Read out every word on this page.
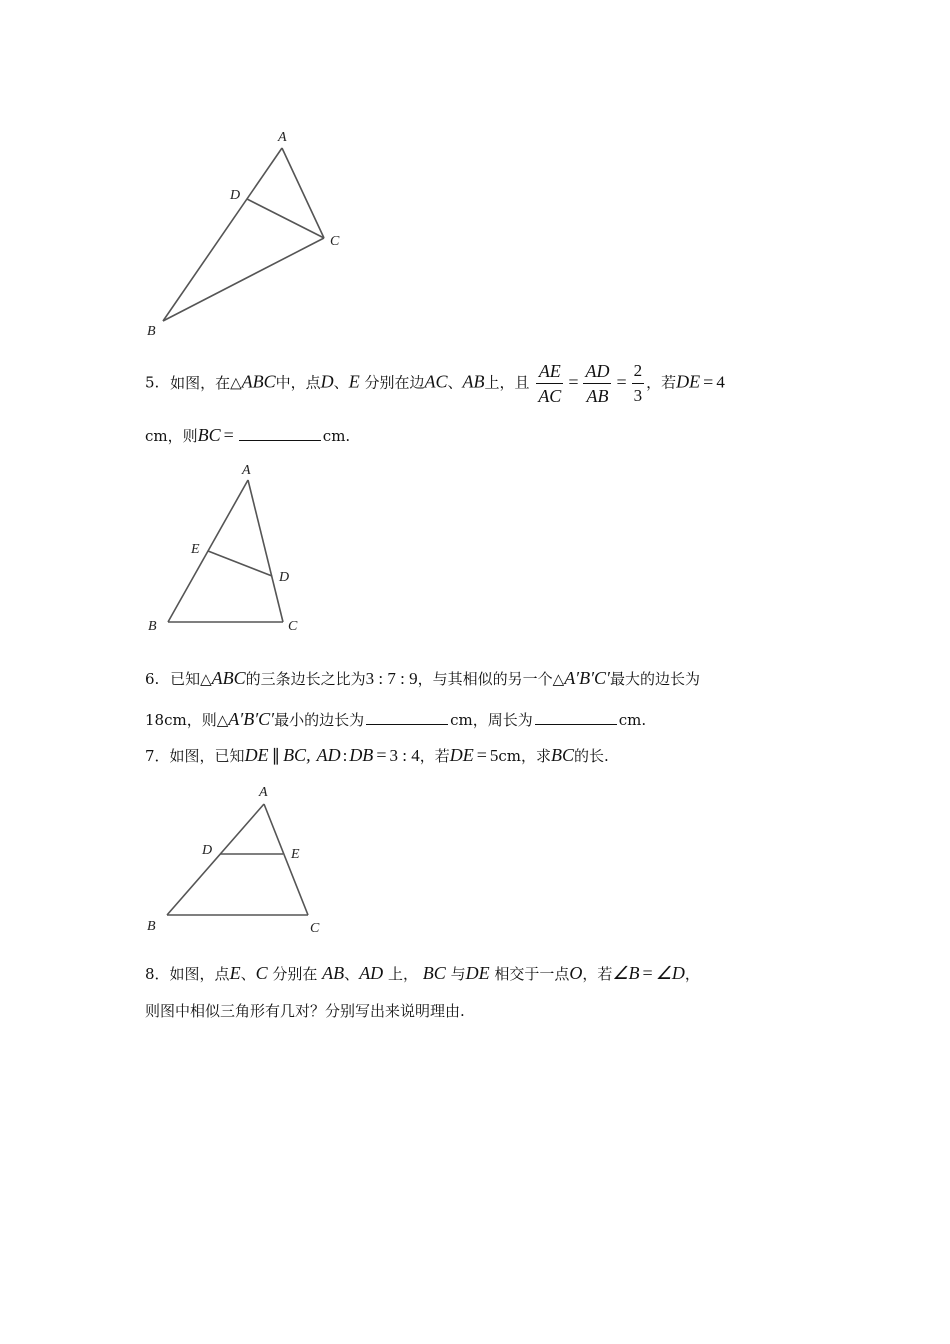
A
D
C
B
5. 如图，在△ABC中，点D、E 分别在边AC、AB上，且 $\frac{AE}{AC} = \frac{AD}{AB} = \frac{2}{3}$ ，若DE = 4
cm，则BC =	cm.
A
E
D
B	C
6. 已知△ABC的三条边长之比为3 : 7 : 9，与其相似的另一个△A′B′C′最大的边长为
18cm，则△A′B′C′最小的边长为	cm，周长为	cm.
7．如图，已知DE ∥ BC, AD : DB = 3 : 4，若DE = 5cm，求BC的长.
A
D	E
B	C
8．如图，点E、C 分别在 AB、AD 上， BC 与DE 相交于一点O，若∠B = ∠D，
则图中相似三角形有几对？分别写出来说明理由.
